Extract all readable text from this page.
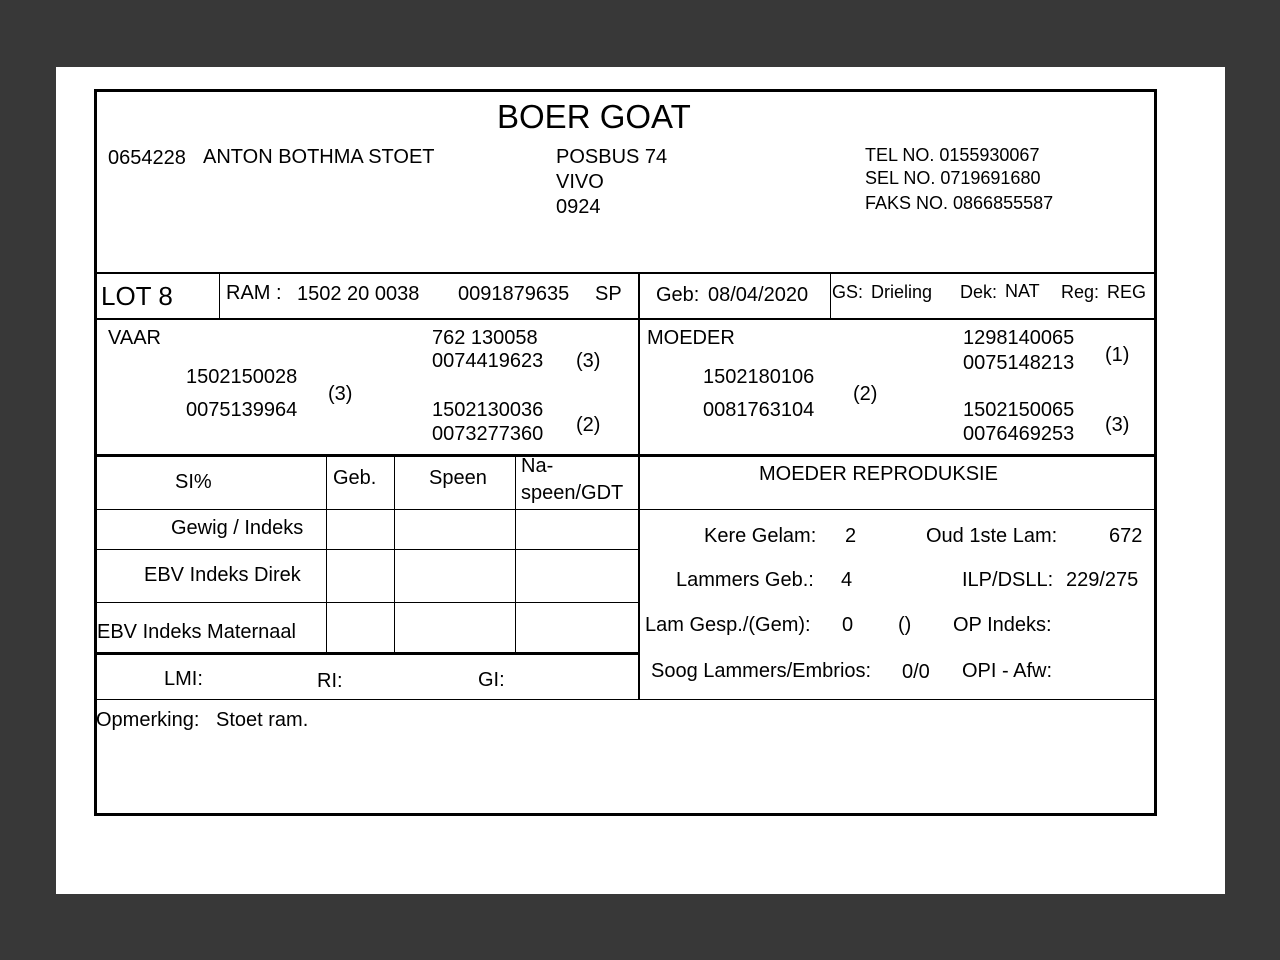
BOER GOAT
0654228 ANTON BOTHMA STOET	POSBUS 74
VIVO
0924
TEL NO. 0155930067
SEL NO. 0719691680
FAKS NO. 0866855587
LOT 8	RAM : 1502 20 0038 0091879635 SP Geb: 08/04/2020 GS: Drieling Dek: NAT Reg: REG
VAAR
1502150028
0075139964
(3)
762 130058
0074419623 (3)
1502130036
0073277360 (2)
MOEDER
1502180106
0081763104
(2)
1298140065
0075148213 (1)
1502150065
0076469253 (3)
SI%	Geb.	Speen
Na-
speen/GDT
Gewig / Indeks
EBV Indeks Direk
EBV Indeks Maternaal
LMI:	RI:	GI:
MOEDER REPRODUKSIE
Kere Gelam: 2	Oud 1ste Lam:	672
Lammers Geb.: 4	ILP/DSLL: 229/275
Lam Gesp./(Gem): 0 () OP Indeks:
Soog Lammers/Embrios: 0/0 OPI - Afw:
Opmerking: Stoet ram.
